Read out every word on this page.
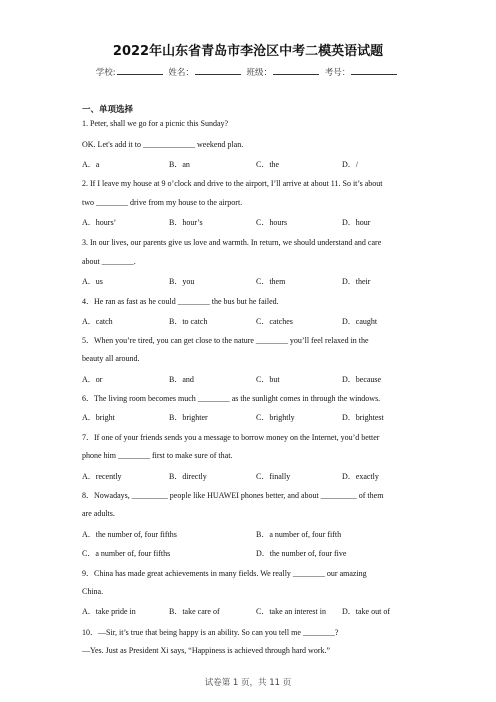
2022年山东省青岛市李沧区中考二模英语试题
学校:	姓名：	班级：	考号：
一、单项选择
1. Peter, shall we go for a picnic this Sunday?
OK. Let's add it to _____________ weekend plan.
A．a	B．an	C．the	D．/
2. If I leave my house at 9 o’clock and drive to the airport, I’ll arrive at about 11. So it’s about
two ________ drive from my house to the airport.
A．hours’	B．hour’s	C．hours	D．hour
3. In our lives, our parents give us love and warmth. In return, we should understand and care
about ________.
A．us	B．you	C．them	D．their
4．He ran as fast as he could ________ the bus but he failed.
A．catch	B．to catch	C．catches	D．caught
5．When you’re tired, you can get close to the nature ________ you’ll feel relaxed in the
beauty all around.
A．or	B．and	C．but	D．because
6．The living room becomes much ________ as the sunlight comes in through the windows.
A．bright	B．brighter	C．brightly	D．brightest
7．If one of your friends sends you a message to borrow money on the Internet, you’d better
phone him ________ first to make sure of that.
A．recently	B．directly	C．finally	D．exactly
8．Nowadays, _________ people like HUAWEI phones better, and about _________ of them
are adults.
A．the number of, four fifths	B．a number of, four fifth
C．a number of, four fifths	D．the number of, four five
9．China has made great achievements in many fields. We really ________ our amazing
China.
A．take pride in	B．take care of	C．take an interest in D．take out of
10．—Sir, it’s true that being happy is an ability. So can you tell me ________?
—Yes. Just as President Xi says, “Happiness is achieved through hard work.”
试卷第 1 页，共 11 页
